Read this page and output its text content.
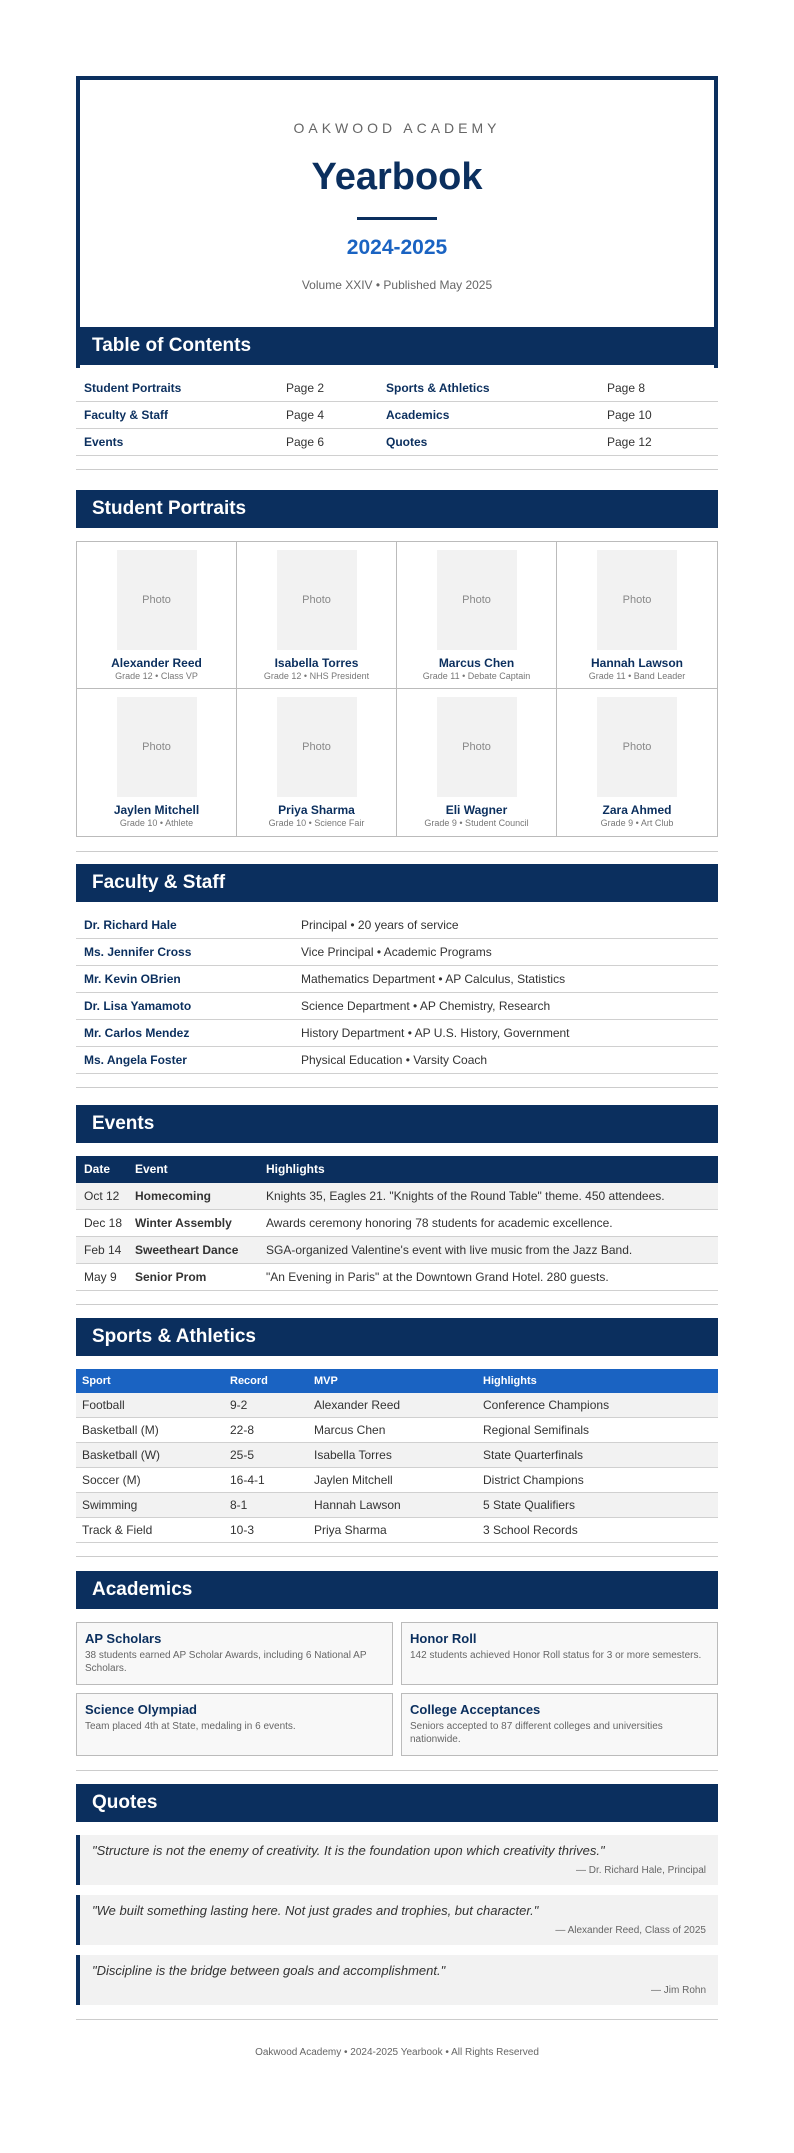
OAKWOOD ACADEMY
Yearbook
2024-2025
Volume XXIV • Published May 2025
Table of Contents
Student Portraits	Page 2	Sports & Athletics	Page 8
Faculty & Staff	Page 4	Academics	Page 10
Events	Page 6	Quotes	Page 12
Student Portraits
Photo
Alexander Reed
Grade 12 • Class VP
Photo
Isabella Torres
Grade 12 • NHS President
Photo
Marcus Chen
Grade 11 • Debate Captain
Photo
Hannah Lawson
Grade 11 • Band Leader
Photo
Jaylen Mitchell
Grade 10 • Athlete
Photo
Priya Sharma
Grade 10 • Science Fair
Photo
Eli Wagner
Grade 9 • Student Council
Photo
Zara Ahmed
Grade 9 • Art Club
Faculty & Staff
Dr. Richard Hale	Principal • 20 years of service
Ms. Jennifer Cross	Vice Principal • Academic Programs
Mr. Kevin OBrien	Mathematics Department • AP Calculus, Statistics
Dr. Lisa Yamamoto	Science Department • AP Chemistry, Research
Mr. Carlos Mendez	History Department • AP U.S. History, Government
Ms. Angela Foster	Physical Education • Varsity Coach
Events
Date	Event	Highlights
Oct 12	Homecoming	Knights 35, Eagles 21. "Knights of the Round Table" theme. 450 attendees.
Dec 18	Winter Assembly	Awards ceremony honoring 78 students for academic excellence.
Feb 14	Sweetheart Dance	SGA-organized Valentine's event with live music from the Jazz Band.
May 9	Senior Prom	"An Evening in Paris" at the Downtown Grand Hotel. 280 guests.
Sports & Athletics
Sport	Record	MVP	Highlights
Football	9-2	Alexander Reed	Conference Champions
Basketball (M)	22-8	Marcus Chen	Regional Semifinals
Basketball (W)	25-5	Isabella Torres	State Quarterfinals
Soccer (M)	16-4-1	Jaylen Mitchell	District Champions
Swimming	8-1	Hannah Lawson	5 State Qualifiers
Track & Field	10-3	Priya Sharma	3 School Records
Academics
AP Scholars
38 students earned AP Scholar Awards, including 6 National AP Scholars.
Honor Roll
142 students achieved Honor Roll status for 3 or more semesters.
Science Olympiad
Team placed 4th at State, medaling in 6 events.
College Acceptances
Seniors accepted to 87 different colleges and universities nationwide.
Quotes
"Structure is not the enemy of creativity. It is the foundation upon which creativity thrives."
— Dr. Richard Hale, Principal
"We built something lasting here. Not just grades and trophies, but character."
— Alexander Reed, Class of 2025
"Discipline is the bridge between goals and accomplishment."
— Jim Rohn
Oakwood Academy • 2024-2025 Yearbook • All Rights Reserved
